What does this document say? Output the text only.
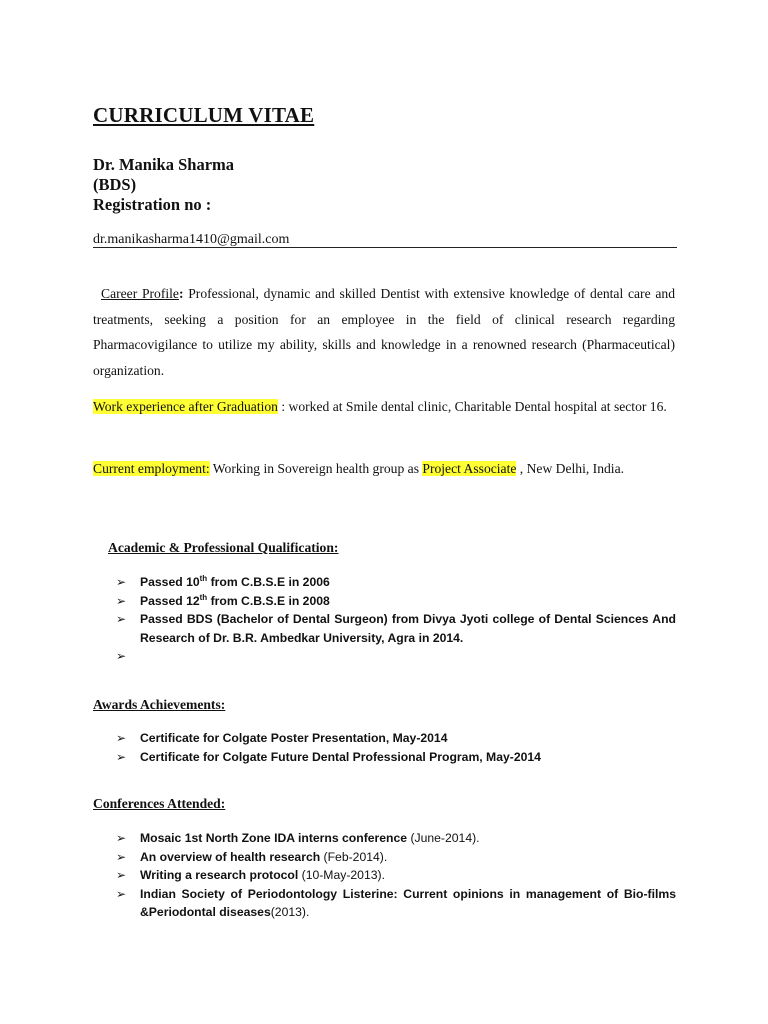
CURRICULUM VITAE
Dr. Manika Sharma
(BDS)
Registration no :
dr.manikasharma1410@gmail.com
Career Profile: Professional, dynamic and skilled Dentist with extensive knowledge of dental care and treatments, seeking a position for an employee in the field of clinical research regarding Pharmacovigilance to utilize my ability, skills and knowledge in a renowned research (Pharmaceutical) organization.
Work experience after Graduation : worked at Smile dental clinic, Charitable Dental hospital at sector 16.
Current employment: Working in Sovereign health group as Project Associate , New Delhi, India.
Academic & Professional Qualification:
➢ Passed 10th from C.B.S.E in 2006
➢ Passed 12th from C.B.S.E in 2008
➢ Passed BDS (Bachelor of Dental Surgeon) from Divya Jyoti college of Dental Sciences And Research of Dr. B.R. Ambedkar University, Agra in 2014.
➢
Awards Achievements:
➢ Certificate for Colgate Poster Presentation, May-2014
➢ Certificate for Colgate Future Dental Professional Program, May-2014
Conferences Attended:
➢ Mosaic 1st North Zone IDA interns conference (June-2014).
➢ An overview of health research (Feb-2014).
➢ Writing a research protocol (10-May-2013).
➢ Indian Society of Periodontology Listerine: Current opinions in management of Bio-films &Periodontal diseases(2013).
